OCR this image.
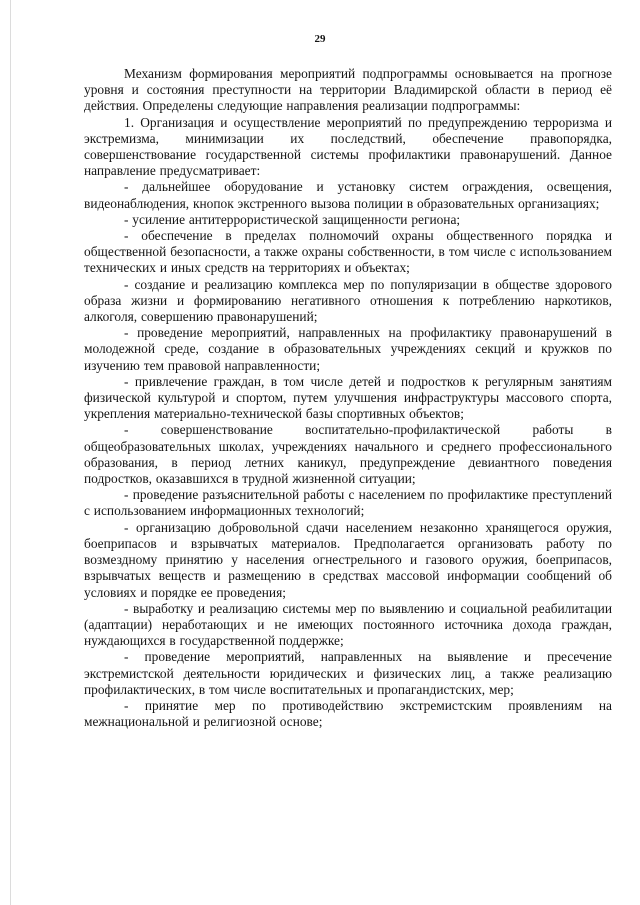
29

Механизм формирования мероприятий подпрограммы основывается на прогнозе уровня и состояния преступности на территории Владимирской области в период её действия. Определены следующие направления реализации подпрограммы:

1. Организация и осуществление мероприятий по предупреждению терроризма и экстремизма, минимизации их последствий, обеспечение правопорядка, совершенствование государственной системы профилактики правонарушений. Данное направление предусматривает:

- дальнейшее оборудование и установку систем ограждения, освещения, видеонаблюдения, кнопок экстренного вызова полиции в образовательных организациях;

- усиление антитеррористической защищенности региона;

- обеспечение в пределах полномочий охраны общественного порядка и общественной безопасности, а также охраны собственности, в том числе с использованием технических и иных средств на территориях и объектах;

- создание и реализацию комплекса мер по популяризации в обществе здорового образа жизни и формированию негативного отношения к потреблению наркотиков, алкоголя, совершению правонарушений;

- проведение мероприятий, направленных на профилактику правонарушений в молодежной среде, создание в образовательных учреждениях секций и кружков по изучению тем правовой направленности;

- привлечение граждан, в том числе детей и подростков к регулярным занятиям физической культурой и спортом, путем улучшения инфраструктуры массового спорта, укрепления материально-технической базы спортивных объектов;

- совершенствование воспитательно-профилактической работы в общеобразовательных школах, учреждениях начального и среднего профессионального образования, в период летних каникул, предупреждение девиантного поведения подростков, оказавшихся в трудной жизненной ситуации;

- проведение разъяснительной работы с населением по профилактике преступлений с использованием информационных технологий;

- организацию добровольной сдачи населением незаконно хранящегося оружия, боеприпасов и взрывчатых материалов. Предполагается организовать работу по возмездному принятию у населения огнестрельного и газового оружия, боеприпасов, взрывчатых веществ и размещению в средствах массовой информации сообщений об условиях и порядке ее проведения;

- выработку и реализацию системы мер по выявлению и социальной реабилитации (адаптации) неработающих и не имеющих постоянного источника дохода граждан, нуждающихся в государственной поддержке;

- проведение мероприятий, направленных на выявление и пресечение экстремистской деятельности юридических и физических лиц, а также реализацию профилактических, в том числе воспитательных и пропагандистских, мер;

- принятие мер по противодействию экстремистским проявлениям на межнациональной и религиозной основе;
